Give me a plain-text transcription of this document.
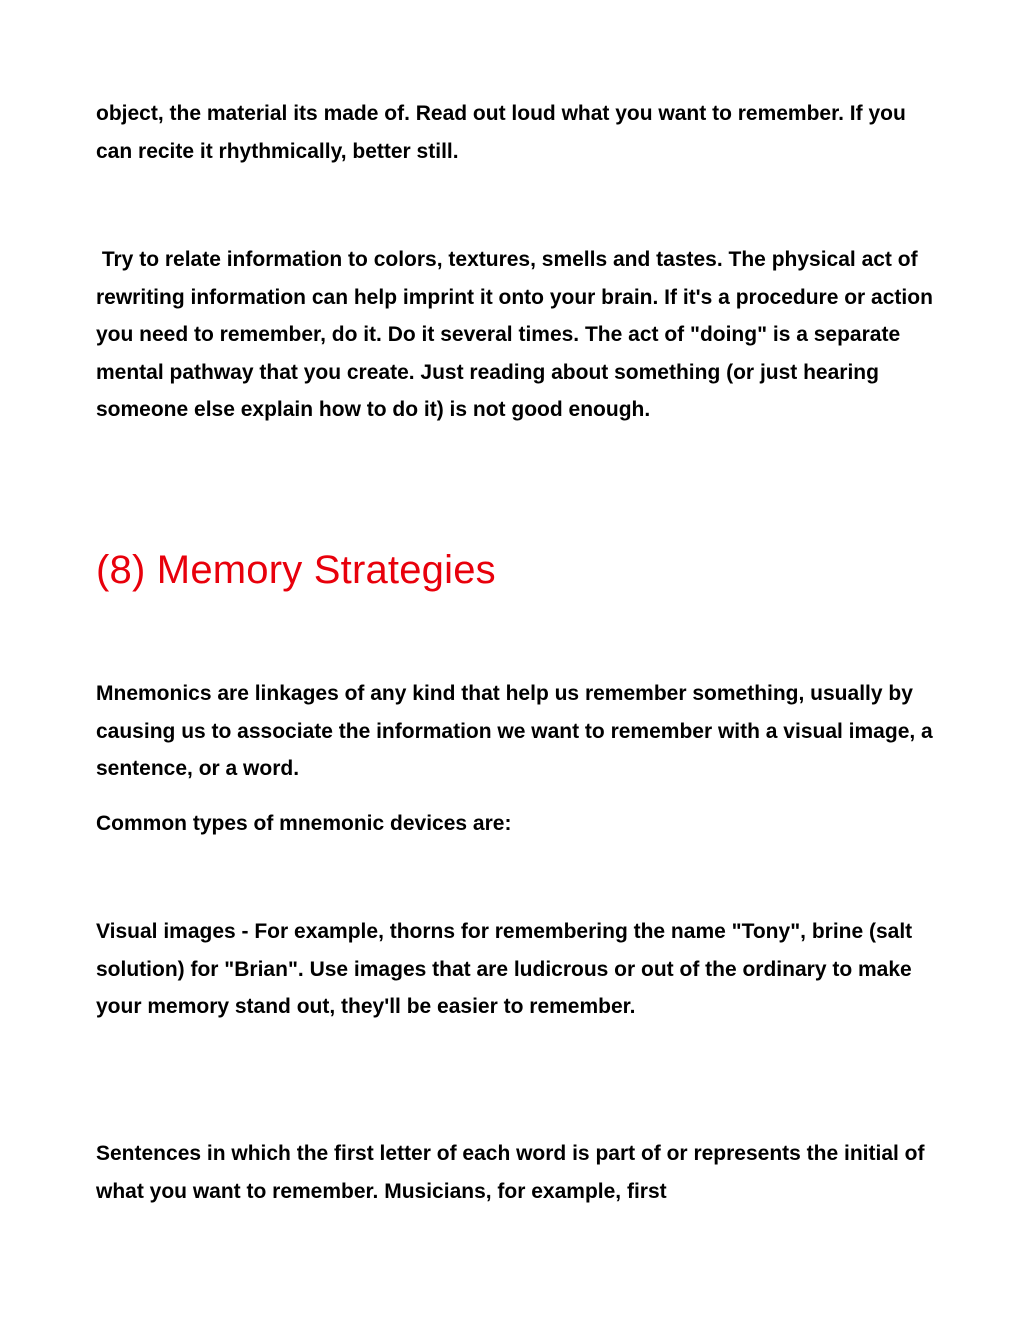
object, the material its made of. Read out loud what you want to remember. If you can recite it rhythmically, better still.

Try to relate information to colors, textures, smells and tastes. The physical act of rewriting information can help imprint it onto your brain. If it's a procedure or action you need to remember, do it. Do it several times. The act of "doing" is a separate mental pathway that you create. Just reading about something (or just hearing someone else explain how to do it) is not good enough.

(8) Memory Strategies

Mnemonics are linkages of any kind that help us remember something, usually by causing us to associate the information we want to remember with a visual image, a sentence, or a word.

Common types of mnemonic devices are:

Visual images - For example, thorns for remembering the name "Tony", brine (salt solution) for "Brian". Use images that are ludicrous or out of the ordinary to make your memory stand out, they'll be easier to remember.

Sentences in which the first letter of each word is part of or represents the initial of what you want to remember. Musicians, for example, first
